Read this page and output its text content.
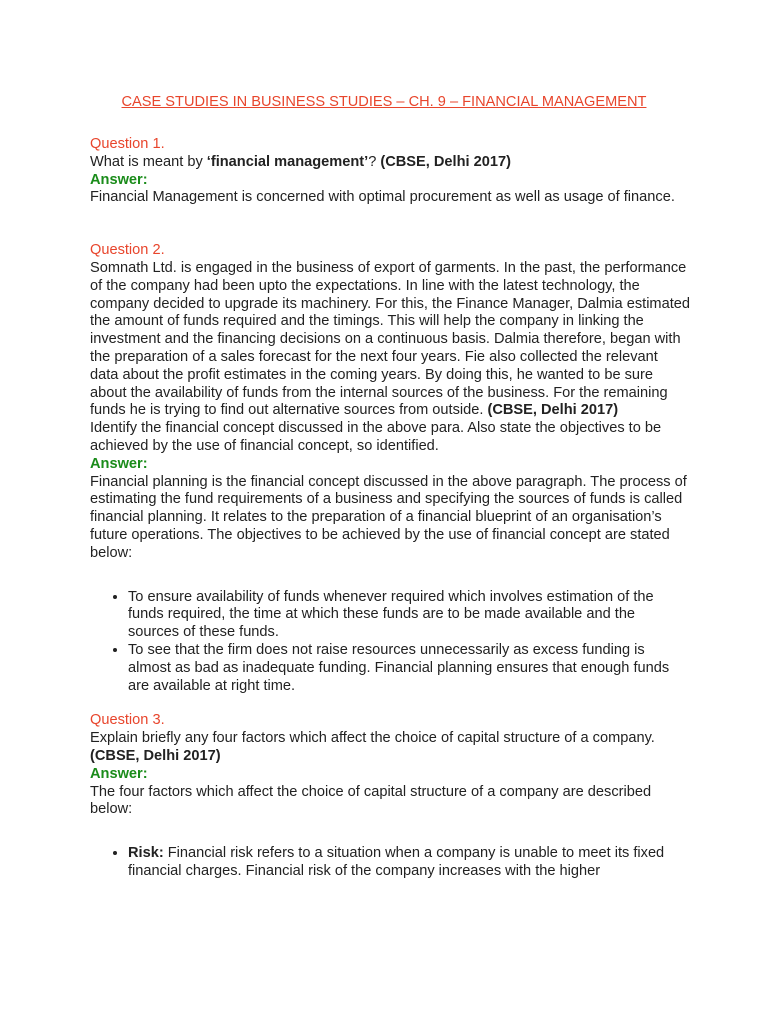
CASE STUDIES IN BUSINESS STUDIES – CH. 9 – FINANCIAL MANAGEMENT

Question 1.

What is meant by ‘financial management’? (CBSE, Delhi 2017)

Answer:

Financial Management is concerned with optimal procurement as well as usage of finance.

Question 2.

Somnath Ltd. is engaged in the business of export of garments. In the past, the performance of the company had been upto the expectations. In line with the latest technology, the company decided to upgrade its machinery. For this, the Finance Manager, Dalmia estimated the amount of funds required and the timings. This will help the company in linking the investment and the financing decisions on a continuous basis. Dalmia therefore, began with the preparation of a sales forecast for the next four years. Fie also collected the relevant data about the profit estimates in the coming years. By doing this, he wanted to be sure about the availability of funds from the internal sources of the business. For the remaining funds he is trying to find out alternative sources from outside. (CBSE, Delhi 2017)

Identify the financial concept discussed in the above para. Also state the objectives to be achieved by the use of financial concept, so identified.

Answer:

Financial planning is the financial concept discussed in the above paragraph. The process of estimating the fund requirements of a business and specifying the sources of funds is called financial planning. It relates to the preparation of a financial blueprint of an organisation’s future operations. The objectives to be achieved by the use of financial concept are stated below:

• To ensure availability of funds whenever required which involves estimation of the funds required, the time at which these funds are to be made available and the sources of these funds.
• To see that the firm does not raise resources unnecessarily as excess funding is almost as bad as inadequate funding. Financial planning ensures that enough funds are available at right time.

Question 3.

Explain briefly any four factors which affect the choice of capital structure of a company.

(CBSE, Delhi 2017)

Answer:

The four factors which affect the choice of capital structure of a company are described below:

• Risk: Financial risk refers to a situation when a company is unable to meet its fixed financial charges. Financial risk of the company increases with the higher
